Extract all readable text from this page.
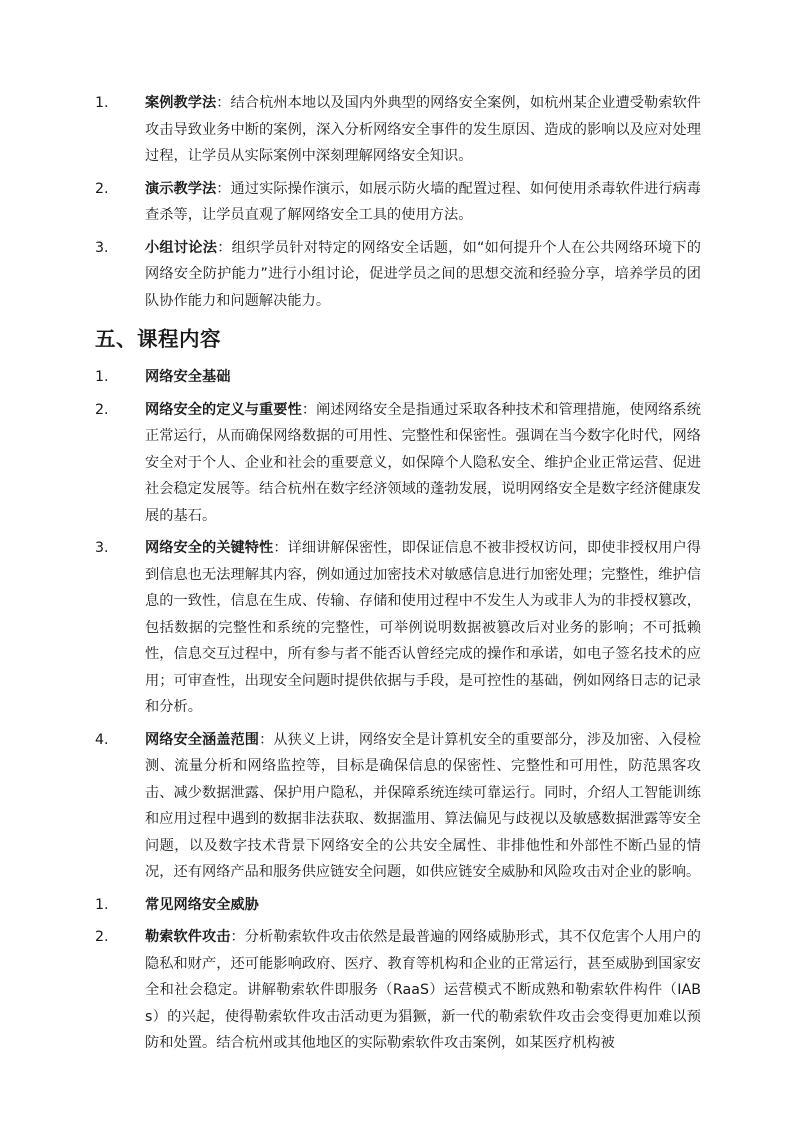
1.	案例教学法：结合杭州本地以及国内外典型的网络安全案例，如杭州某企业遭受勒索软件攻击导致业务中断的案例，深入分析网络安全事件的发生原因、造成的影响以及应对处理过程，让学员从实际案例中深刻理解网络安全知识。
2.	演示教学法：通过实际操作演示，如展示防火墙的配置过程、如何使用杀毒软件进行病毒查杀等，让学员直观了解网络安全工具的使用方法。
3.	小组讨论法：组织学员针对特定的网络安全话题，如“如何提升个人在公共网络环境下的网络安全防护能力”进行小组讨论，促进学员之间的思想交流和经验分享，培养学员的团队协作能力和问题解决能力。
五、课程内容
1.	网络安全基础
2.	网络安全的定义与重要性：阐述网络安全是指通过采取各种技术和管理措施，使网络系统正常运行，从而确保网络数据的可用性、完整性和保密性。强调在当今数字化时代，网络安全对于个人、企业和社会的重要意义，如保障个人隐私安全、维护企业正常运营、促进社会稳定发展等。结合杭州在数字经济领域的蓬勃发展，说明网络安全是数字经济健康发展的基石。
3.	网络安全的关键特性：详细讲解保密性，即保证信息不被非授权访问，即使非授权用户得到信息也无法理解其内容，例如通过加密技术对敏感信息进行加密处理；完整性，维护信息的一致性，信息在生成、传输、存储和使用过程中不发生人为或非人为的非授权篡改，包括数据的完整性和系统的完整性，可举例说明数据被篡改后对业务的影响；不可抵赖性，信息交互过程中，所有参与者不能否认曾经完成的操作和承诺，如电子签名技术的应用；可审查性，出现安全问题时提供依据与手段，是可控性的基础，例如网络日志的记录和分析。
4.	网络安全涵盖范围：从狭义上讲，网络安全是计算机安全的重要部分，涉及加密、入侵检测、流量分析和网络监控等，目标是确保信息的保密性、完整性和可用性，防范黑客攻击、减少数据泄露、保护用户隐私，并保障系统连续可靠运行。同时，介绍人工智能训练和应用过程中遇到的数据非法获取、数据滥用、算法偏见与歧视以及敏感数据泄露等安全问题，以及数字技术背景下网络安全的公共安全属性、非排他性和外部性不断凸显的情况，还有网络产品和服务供应链安全问题，如供应链安全威胁和风险攻击对企业的影响。
1.	常见网络安全威胁
2.	勒索软件攻击：分析勒索软件攻击依然是最普遍的网络威胁形式，其不仅危害个人用户的隐私和财产，还可能影响政府、医疗、教育等机构和企业的正常运行，甚至威胁到国家安全和社会稳定。讲解勒索软件即服务（RaaS）运营模式不断成熟和勒索软件构件（IABs）的兴起，使得勒索软件攻击活动更为猖獗，新一代的勒索软件攻击会变得更加难以预防和处置。结合杭州或其他地区的实际勒索软件攻击案例，如某医疗机构被
